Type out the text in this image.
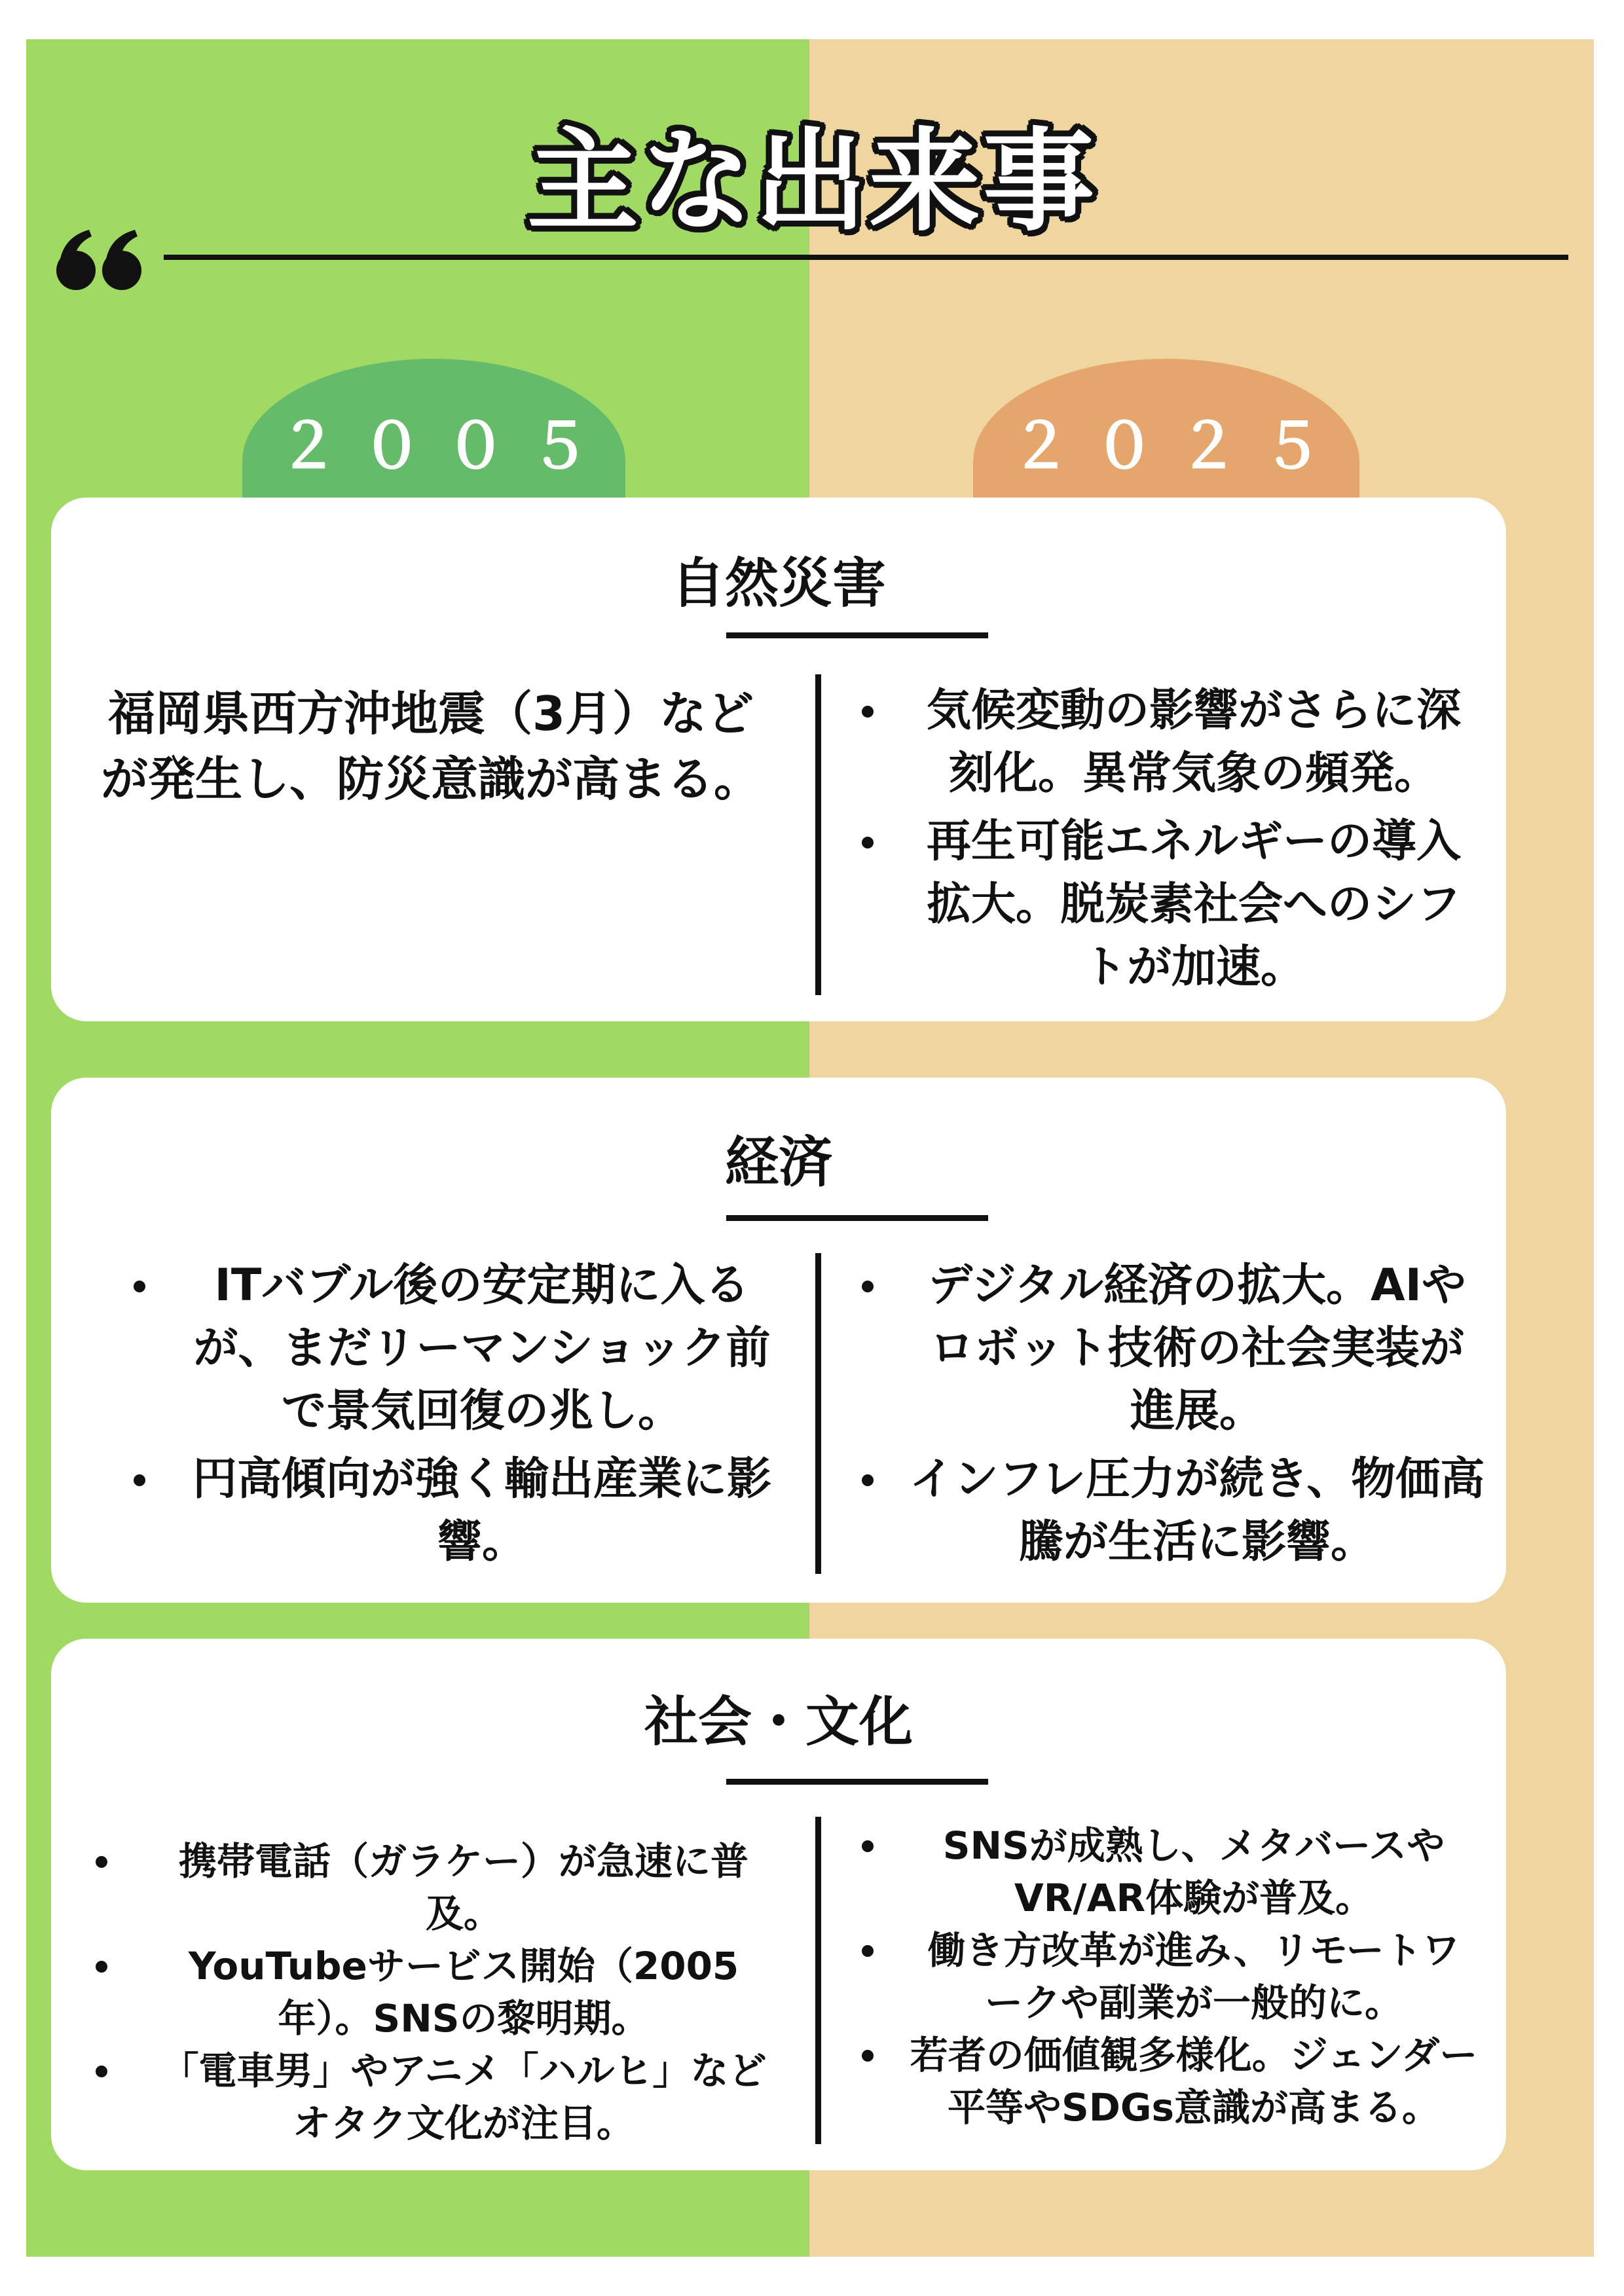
主な出来事
２００５	２０２５
自然災害
福岡県西方沖地震（3月）などが発生し、防災意識が高まる。
気候変動の影響がさらに深刻化。異常気象の頻発。
再生可能エネルギーの導入拡大。脱炭素社会へのシフトが加速。
経済
ITバブル後の安定期に入るが、まだリーマンショック前で景気回復の兆し。
円高傾向が強く輸出産業に影響。
デジタル経済の拡大。AIやロボット技術の社会実装が進展。
インフレ圧力が続き、物価高騰が生活に影響。
社会・文化
携帯電話（ガラケー）が急速に普及。
YouTubeサービス開始（2005年）。SNSの黎明期。
「電車男」やアニメ「ハルヒ」などオタク文化が注目。
SNSが成熟し、メタバースやVR/AR体験が普及。
働き方改革が進み、リモートワークや副業が一般的に。
若者の価値観多様化。ジェンダー平等やSDGs意識が高まる。
